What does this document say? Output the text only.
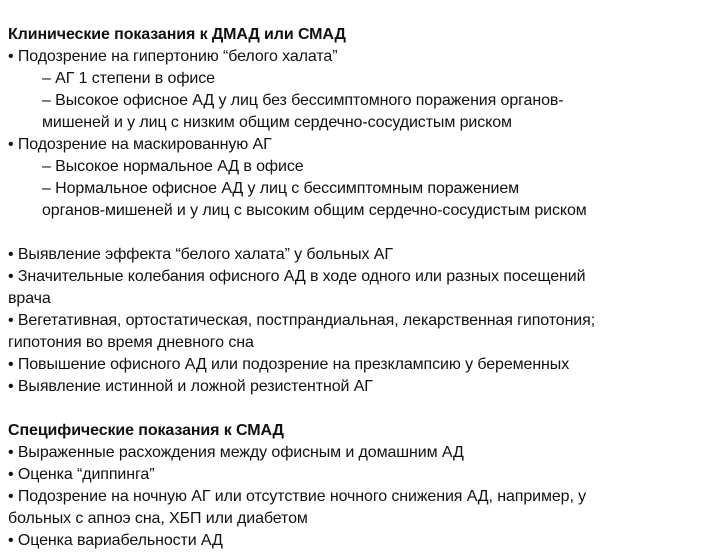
Клинические показания к ДМАД или СМАД
• Подозрение на гипертонию “белого халата”
– АГ 1 степени в офисе
– Высокое офисное АД у лиц без бессимптомного поражения органов-
мишеней и у лиц с низким общим сердечно-сосудистым риском
• Подозрение на маскированную АГ
– Высокое нормальное АД в офисе
– Нормальное офисное АД у лиц с бессимптомным поражением
органов-мишеней и у лиц с высоким общим сердечно-сосудистым риском
• Выявление эффекта “белого халата” у больных АГ
• Значительные колебания офисного АД в ходе одного или разных посещений
врача
• Вегетативная, ортостатическая, постпрандиальная, лекарственная гипотония;
гипотония во время дневного сна
• Повышение офисного АД или подозрение на презклампсию у беременных
• Выявление истинной и ложной резистентной АГ
Специфические показания к СМАД
• Выраженные расхождения между офисным и домашним АД
• Оценка “диппинга”
• Подозрение на ночную АГ или отсутствие ночного снижения АД, например, у
больных с апноэ сна, ХБП или диабетом
• Оценка вариабельности АД
